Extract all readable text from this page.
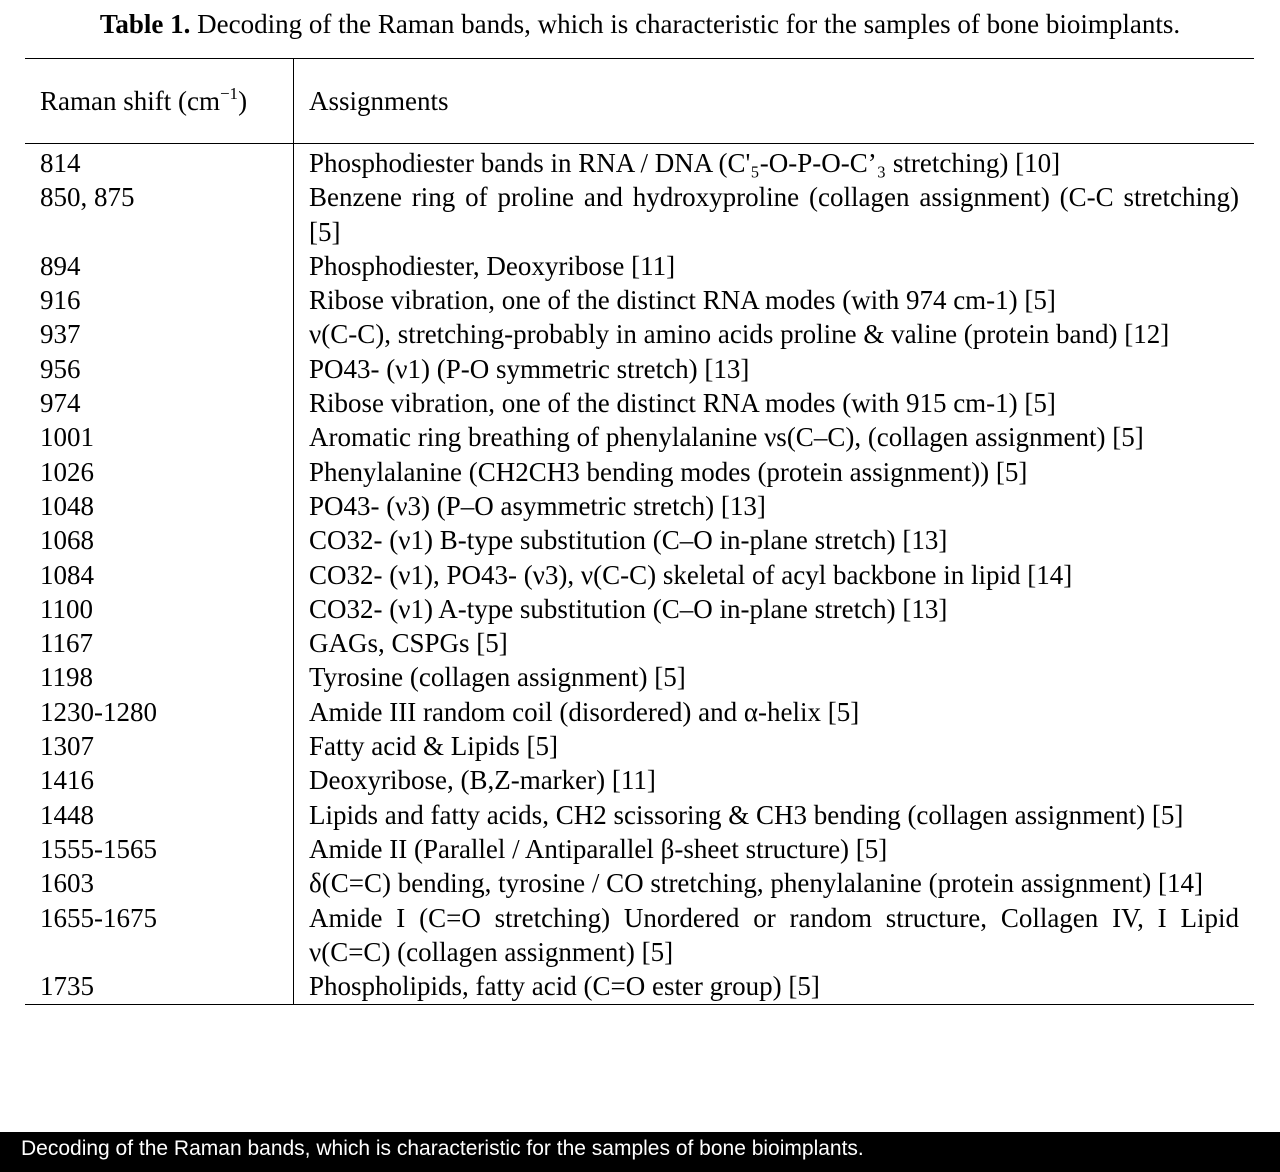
Table 1. Decoding of the Raman bands, which is characteristic for the samples of bone bioimplants.
Raman shift $(cm^{-1})$	Assignments
814	Phosphodiester bands in RNA / DNA (C'₅-O-P-O-C’₃ stretching) [10]
850, 875	Benzene ring of proline and hydroxyproline (collagen assignment) (C-C stretching) [5]
894	Phosphodiester, Deoxyribose [11]
916	Ribose vibration, one of the distinct RNA modes (with 974 cm-1) [5]
937	ν(C-C), stretching-probably in amino acids proline & valine (protein band) [12]
956	PO43- (ν1) (P-O symmetric stretch) [13]
974	Ribose vibration, one of the distinct RNA modes (with 915 cm-1) [5]
1001	Aromatic ring breathing of phenylalanine νs(C–C), (collagen assignment) [5]
1026	Phenylalanine (CH2CH3 bending modes (protein assignment)) [5]
1048	PO43- (ν3) (P–O asymmetric stretch) [13]
1068	CO32- (ν1) B-type substitution (C–O in-plane stretch) [13]
1084	CO32- (ν1), PO43- (ν3), ν(C-C) skeletal of acyl backbone in lipid [14]
1100	CO32- (ν1) A-type substitution (C–O in-plane stretch) [13]
1167	GAGs, CSPGs [5]
1198	Tyrosine (collagen assignment) [5]
1230-1280	Amide III random coil (disordered) and α-helix [5]
1307	Fatty acid & Lipids [5]
1416	Deoxyribose, (B,Z-marker) [11]
1448	Lipids and fatty acids, CH2 scissoring & CH3 bending (collagen assignment) [5]
1555-1565	Amide II (Parallel / Antiparallel β-sheet structure) [5]
1603	δ(C=C) bending, tyrosine / CO stretching, phenylalanine (protein assignment) [14]
1655-1675	Amide I (C=O stretching) Unordered or random structure, Collagen IV, I Lipid ν(C=C) (collagen assignment) [5]
1735	Phospholipids, fatty acid (C=O ester group) [5]
Decoding of the Raman bands, which is characteristic for the samples of bone bioimplants.
